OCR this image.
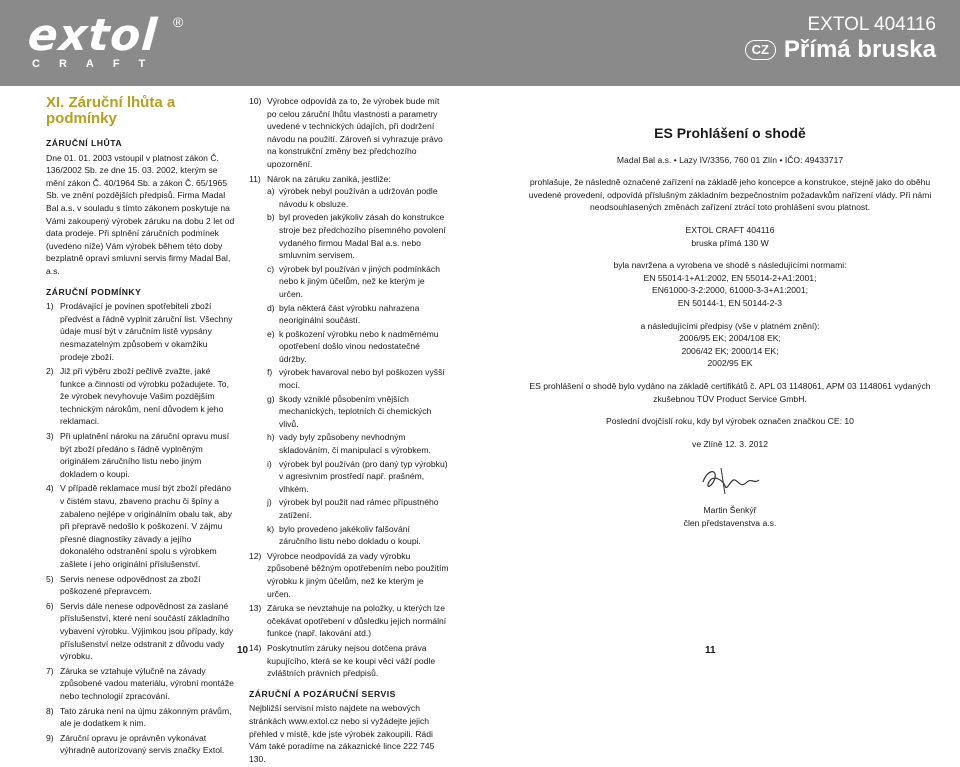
extol ®
CRAFT
EXTOL 404116
CZ Přímá bruska
XI. Záruční lhůta a podmínky
ZÁRUČNÍ LHŮTA

Dne 01. 01. 2003 vstoupil v platnost zákon Č. 136/2002 Sb. ze dne 15. 03. 2002, kterým se mění zákon Č. 40/1964 Sb. a zákon Č. 65/1965 Sb. ve znění pozdějších předpisů. Firma Madal Bal a.s. v souladu s tímto zákonem poskytuje na Vámi zakoupený výrobek záruku na dobu 2 let od data prodeje. Při splnění záručních podmínek (uvedeno níže) Vám výrobek během této doby bezplatně opraví smluvní servis firmy Madal Bal, a.s.

ZÁRUČNÍ PODMÍNKY
1) Prodávající je povinen spotřebiteli zboží předvést a řádně vyplnit záruční list. Všechny údaje musí být v záručním listě vypsány nesmazatelným způsobem v okamžiku prodeje zboží.
2) Již při výběru zboží pečlivě zvažte, jaké funkce a činnosti od výrobku požadujete. To, že výrobek nevyhovuje Vašim pozdějším technickým nárokům, není důvodem k jeho reklamaci.
3) Při uplatnění nároku na záruční opravu musí být zboží předáno s řádně vyplněným originálem záručního listu nebo jiným dokladem o koupi.
4) V případě reklamace musí být zboží předáno v čistém stavu, zbaveno prachu či špíny a zabaleno nejlépe v originálním obalu tak, aby při přepravě nedošlo k poškození. V zájmu přesné diagnostiky závady a jejího dokonalého odstranění spolu s výrobkem zašlete i jeho originální příslušenství.
5) Servis nenese odpovědnost za zboží poškozené přepravcem.
6) Servis dále nenese odpovědnost za zaslané příslušenství, které není součástí základního vybavení výrobku. Výjimkou jsou případy, kdy příslušenství nelze odstranit z důvodu vady výrobku.
7) Záruka se vztahuje výlučně na závady způsobené vadou materiálu, výrobní montáže nebo technologií zpracování.
8) Tato záruka není na újmu zákonným právům, ale je dodatkem k nim.
9) Záruční opravu je oprávněn vykonávat výhradně autorizovaný servis značky Extol.
10) Výrobce odpovídá za to, že výrobek bude mít po celou záruční lhůtu vlastnosti a parametry uvedené v technických údajích, při dodržení návodu na použití. Zároveň si vyhrazuje právo na konstrukční změny bez předchozího upozornění.
11) Nárok na záruku zaniká, jestliže:
a) výrobek nebyl používán a udržován podle návodu k obsluze.
b) byl proveden jakýkoliv zásah do konstrukce stroje bez předchozího písemného povolení vydaného firmou Madal Bal a.s. nebo smluvním servisem.
c) výrobek byl používán v jiných podmínkách nebo k jiným účelům, než ke kterým je určen.
d) byla některá část výrobku nahrazena neoriginální součástí.
e) k poškození výrobku nebo k nadměrnému opotřebení došlo vinou nedostatečné údržby.
f) výrobek havaroval nebo byl poškozen vyšší mocí.
g) škody vzniklé působením vnějších mechanických, teplotních či chemických vlivů.
h) vady byly způsobeny nevhodným skladováním, či manipulací s výrobkem.
i) výrobek byl používán (pro daný typ výrobku) v agresivním prostředí např. prašném, vlhkém.
j) výrobek byl použit nad rámec přípustného zatížení.
k) bylo provedeno jakékoliv falšování záručního listu nebo dokladu o koupi.
12) Výrobce neodpovídá za vady výrobku způsobené běžným opotřebením nebo použitím výrobku k jiným účelům, než ke kterým je určen.
13) Záruka se nevztahuje na položky, u kterých lze očekávat opotřebení v důsledku jejich normální funkce (např. lakování atd.)
14) Poskytnutím záruky nejsou dotčena práva kupujícího, která se ke koupi věci váží podle zvláštních právních předpisů.
ZÁRUČNÍ A POZÁRUČNÍ SERVIS

Nejbližší servisní místo najdete na webových stránkách www.extol.cz nebo si vyžádejte jejich přehled v místě, kde jste výrobek zakoupili. Rádi Vám také poradíme na zákaznické lince 222 745 130.

ES Prohlášení o shodě

Madal Bal a.s. • Lazy IV/3356, 760 01 Zlín • IČO: 49433717

prohlašuje, že následně označené zařízení na základě jeho koncepce a konstrukce, stejně jako do oběhu uvedené provedení, odpovídá příslušným základním bezpečnostním požadavkům nařízení vlády. Při námi neodsouhlasených změnách zařízení ztrácí toto prohlášení svou platnost.

EXTOL CRAFT 404116
bruska přímá 130 W

byla navržena a vyrobena ve shodě s následujícími normami:
EN 55014-1+A1:2002, EN 55014-2+A1:2001;
EN61000-3-2:2000, 61000-3-3+A1:2001;
EN 50144-1, EN 50144-2-3

a následujícími předpisy (vše v platném znění):
2006/95 EK; 2004/108 EK;
2006/42 EK; 2000/14 EK;
2002/95 EK

ES prohlášení o shodě bylo vydáno na základě certifikátů č. APL 03 1148061, APM 03 1148061 vydaných zkušebnou TÜV Product Service GmbH.

Poslední dvojčíslí roku, kdy byl výrobek označen značkou CE: 10

ve Zlíně 12. 3. 2012

Martin Šenkýř
člen představenstva a.s.

10	11
